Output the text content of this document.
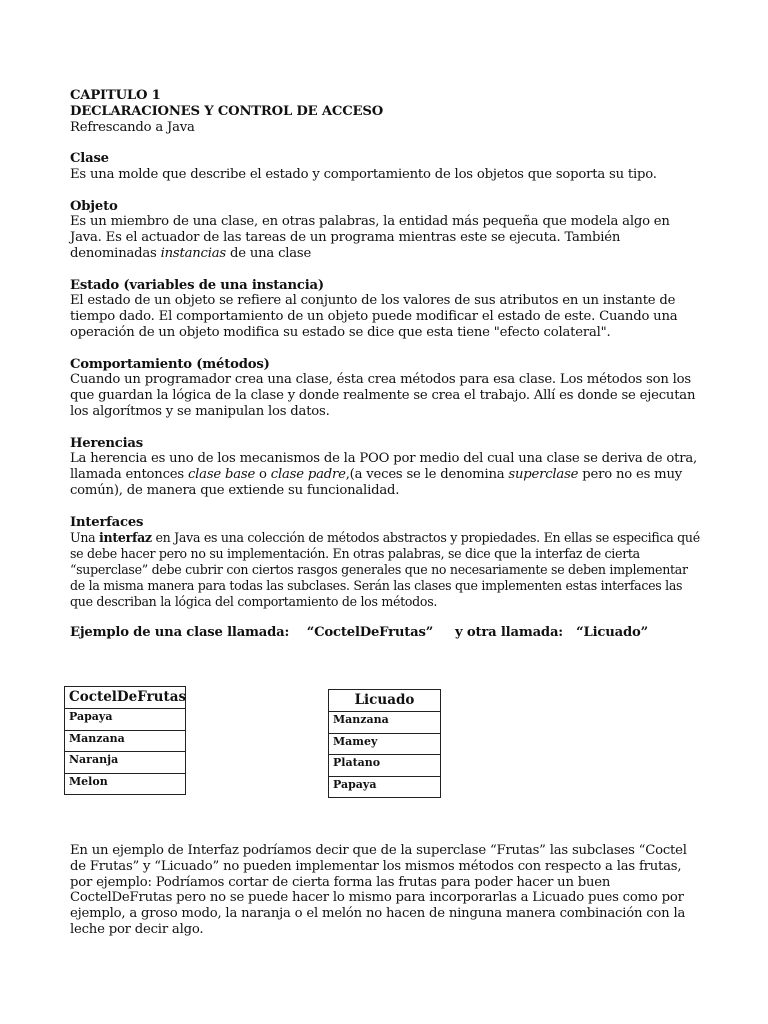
CAPITULO 1

DECLARACIONES Y CONTROL DE ACCESO

Refrescando a Java

Clase

Es una molde que describe el estado y comportamiento de los objetos que soporta su tipo.

Objeto

Es un miembro de una clase, en otras palabras, la entidad más pequeña que modela algo en Java. Es el actuador de las tareas de un programa mientras este se ejecuta. También denominadas instancias de una clase

Estado (variables de una instancia)

El estado de un objeto se refiere al conjunto de los valores de sus atributos en un instante de tiempo dado. El comportamiento de un objeto puede modificar el estado de este. Cuando una operación de un objeto modifica su estado se dice que esta tiene "efecto colateral".

Comportamiento (métodos)

Cuando un programador crea una clase, ésta crea métodos para esa clase. Los métodos son los que guardan la lógica de la clase y donde realmente se crea el trabajo. Allí es donde se ejecutan los algorítmos y se manipulan los datos.

Herencias

La herencia es uno de los mecanismos de la POO por medio del cual una clase se deriva de otra, llamada entonces clase base o clase padre,(a veces se le denomina superclase pero no es muy común), de manera que extiende su funcionalidad.

Interfaces

Una interfaz en Java es una colección de métodos abstractos y propiedades. En ellas se especifica qué se debe hacer pero no su implementación. En otras palabras, se dice que la interfaz de cierta “superclase” debe cubrir con ciertos rasgos generales que no necesariamente se deben implementar de la misma manera para todas las subclases. Serán las clases que implementen estas interfaces las que describan la lógica del comportamiento de los métodos.

Ejemplo de una clase llamada:    “CoctelDeFrutas”     y otra llamada:   “Licuado”

CoctelDeFrutas
Papaya
Manzana
Naranja
Melon
Licuado
Manzana
Mamey
Platano
Papaya

En un ejemplo de Interfaz podríamos decir que de la superclase “Frutas” las subclases “Coctel de Frutas” y “Licuado” no pueden implementar los mismos métodos con respecto a las frutas, por ejemplo: Podríamos cortar de cierta forma las frutas para poder hacer un buen CoctelDeFrutas pero no se puede hacer lo mismo para incorporarlas a Licuado pues como por ejemplo, a groso modo, la naranja o el melón no hacen de ninguna manera combinación con la leche por decir algo.
